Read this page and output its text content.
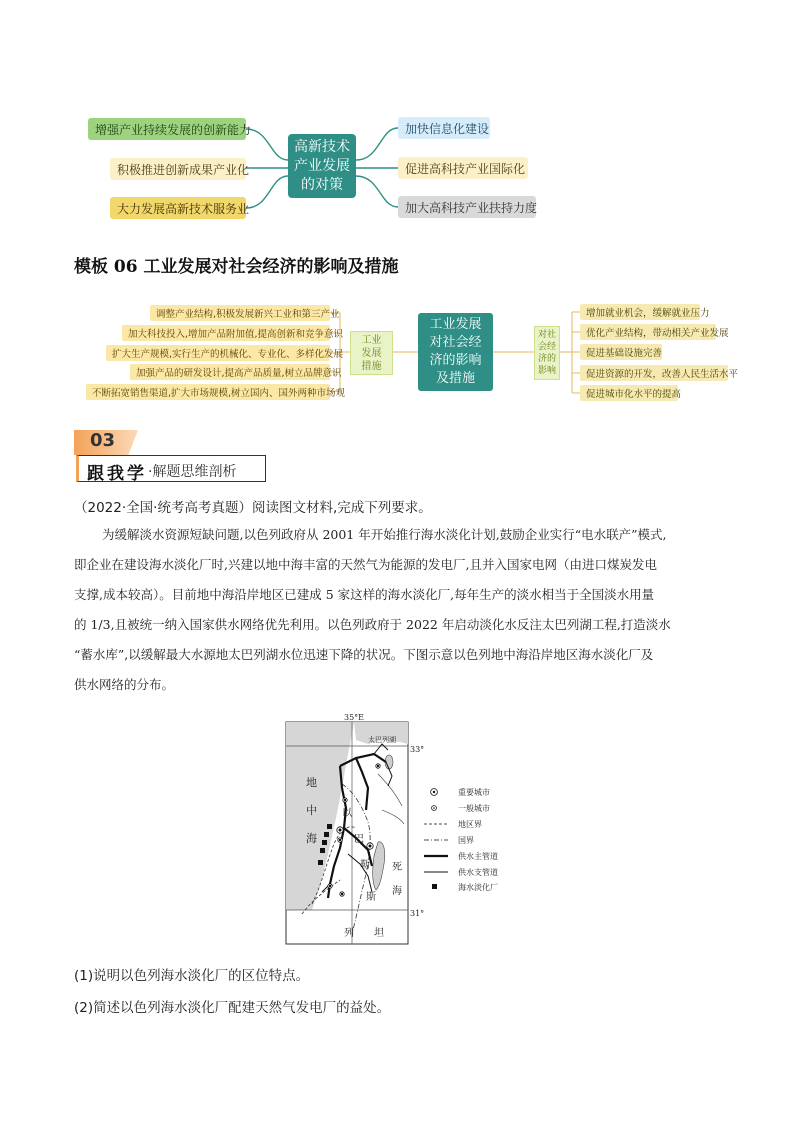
增强产业持续发展的创新能力
积极推进创新成果产业化
大力发展高新技术服务业
高新技术
产业发展
的对策
加快信息化建设
促进高科技产业国际化
加大高科技产业扶持力度
模板 06 工业发展对社会经济的影响及措施
调整产业结构,积极发展新兴工业和第三产业
加大科技投入,增加产品附加值,提高创新和竞争意识
扩大生产规模,实行生产的机械化、专业化、多样化发展
加强产品的研发设计,提高产品质量,树立品牌意识
不断拓宽销售渠道,扩大市场规模,树立国内、国外两种市场观
工业
发展
措施
工业发展
对社会经
济的影响
及措施
对社
会经
济的
影响
增加就业机会，缓解就业压力
优化产业结构，带动相关产业发展
促进基础设施完善
促进资源的开发，改善人民生活水平
促进城市化水平的提高
03
跟我学 ·解题思维剖析
（2022·全国·统考高考真题）阅读图文材料,完成下列要求。
为缓解淡水资源短缺问题,以色列政府从 2001 年开始推行海水淡化计划,鼓励企业实行“电水联产”模式,
即企业在建设海水淡化厂时,兴建以地中海丰富的天然气为能源的发电厂,且并入国家电网（由进口煤炭发电
支撑,成本较高）。目前地中海沿岸地区已建成 5 家这样的海水淡化厂,每年生产的淡水相当于全国淡水用量
的 1/3,且被统一纳入国家供水网络优先利用。以色列政府于 2022 年启动淡化水反注太巴列湖工程,打造淡水
“蓄水库”,以缓解最大水源地太巴列湖水位迅速下降的状况。下图示意以色列地中海沿岸地区海水淡化厂及
供水网络的分布。
35°E
33°
31°
太巴列湖
地
中
海
以
巴
勒
斯
列 坦
死
海
重要城市
一般城市
地区界
国界
供水主管道
供水支管道
海水淡化厂
(1)说明以色列海水淡化厂的区位特点。
(2)简述以色列海水淡化厂配建天然气发电厂的益处。
